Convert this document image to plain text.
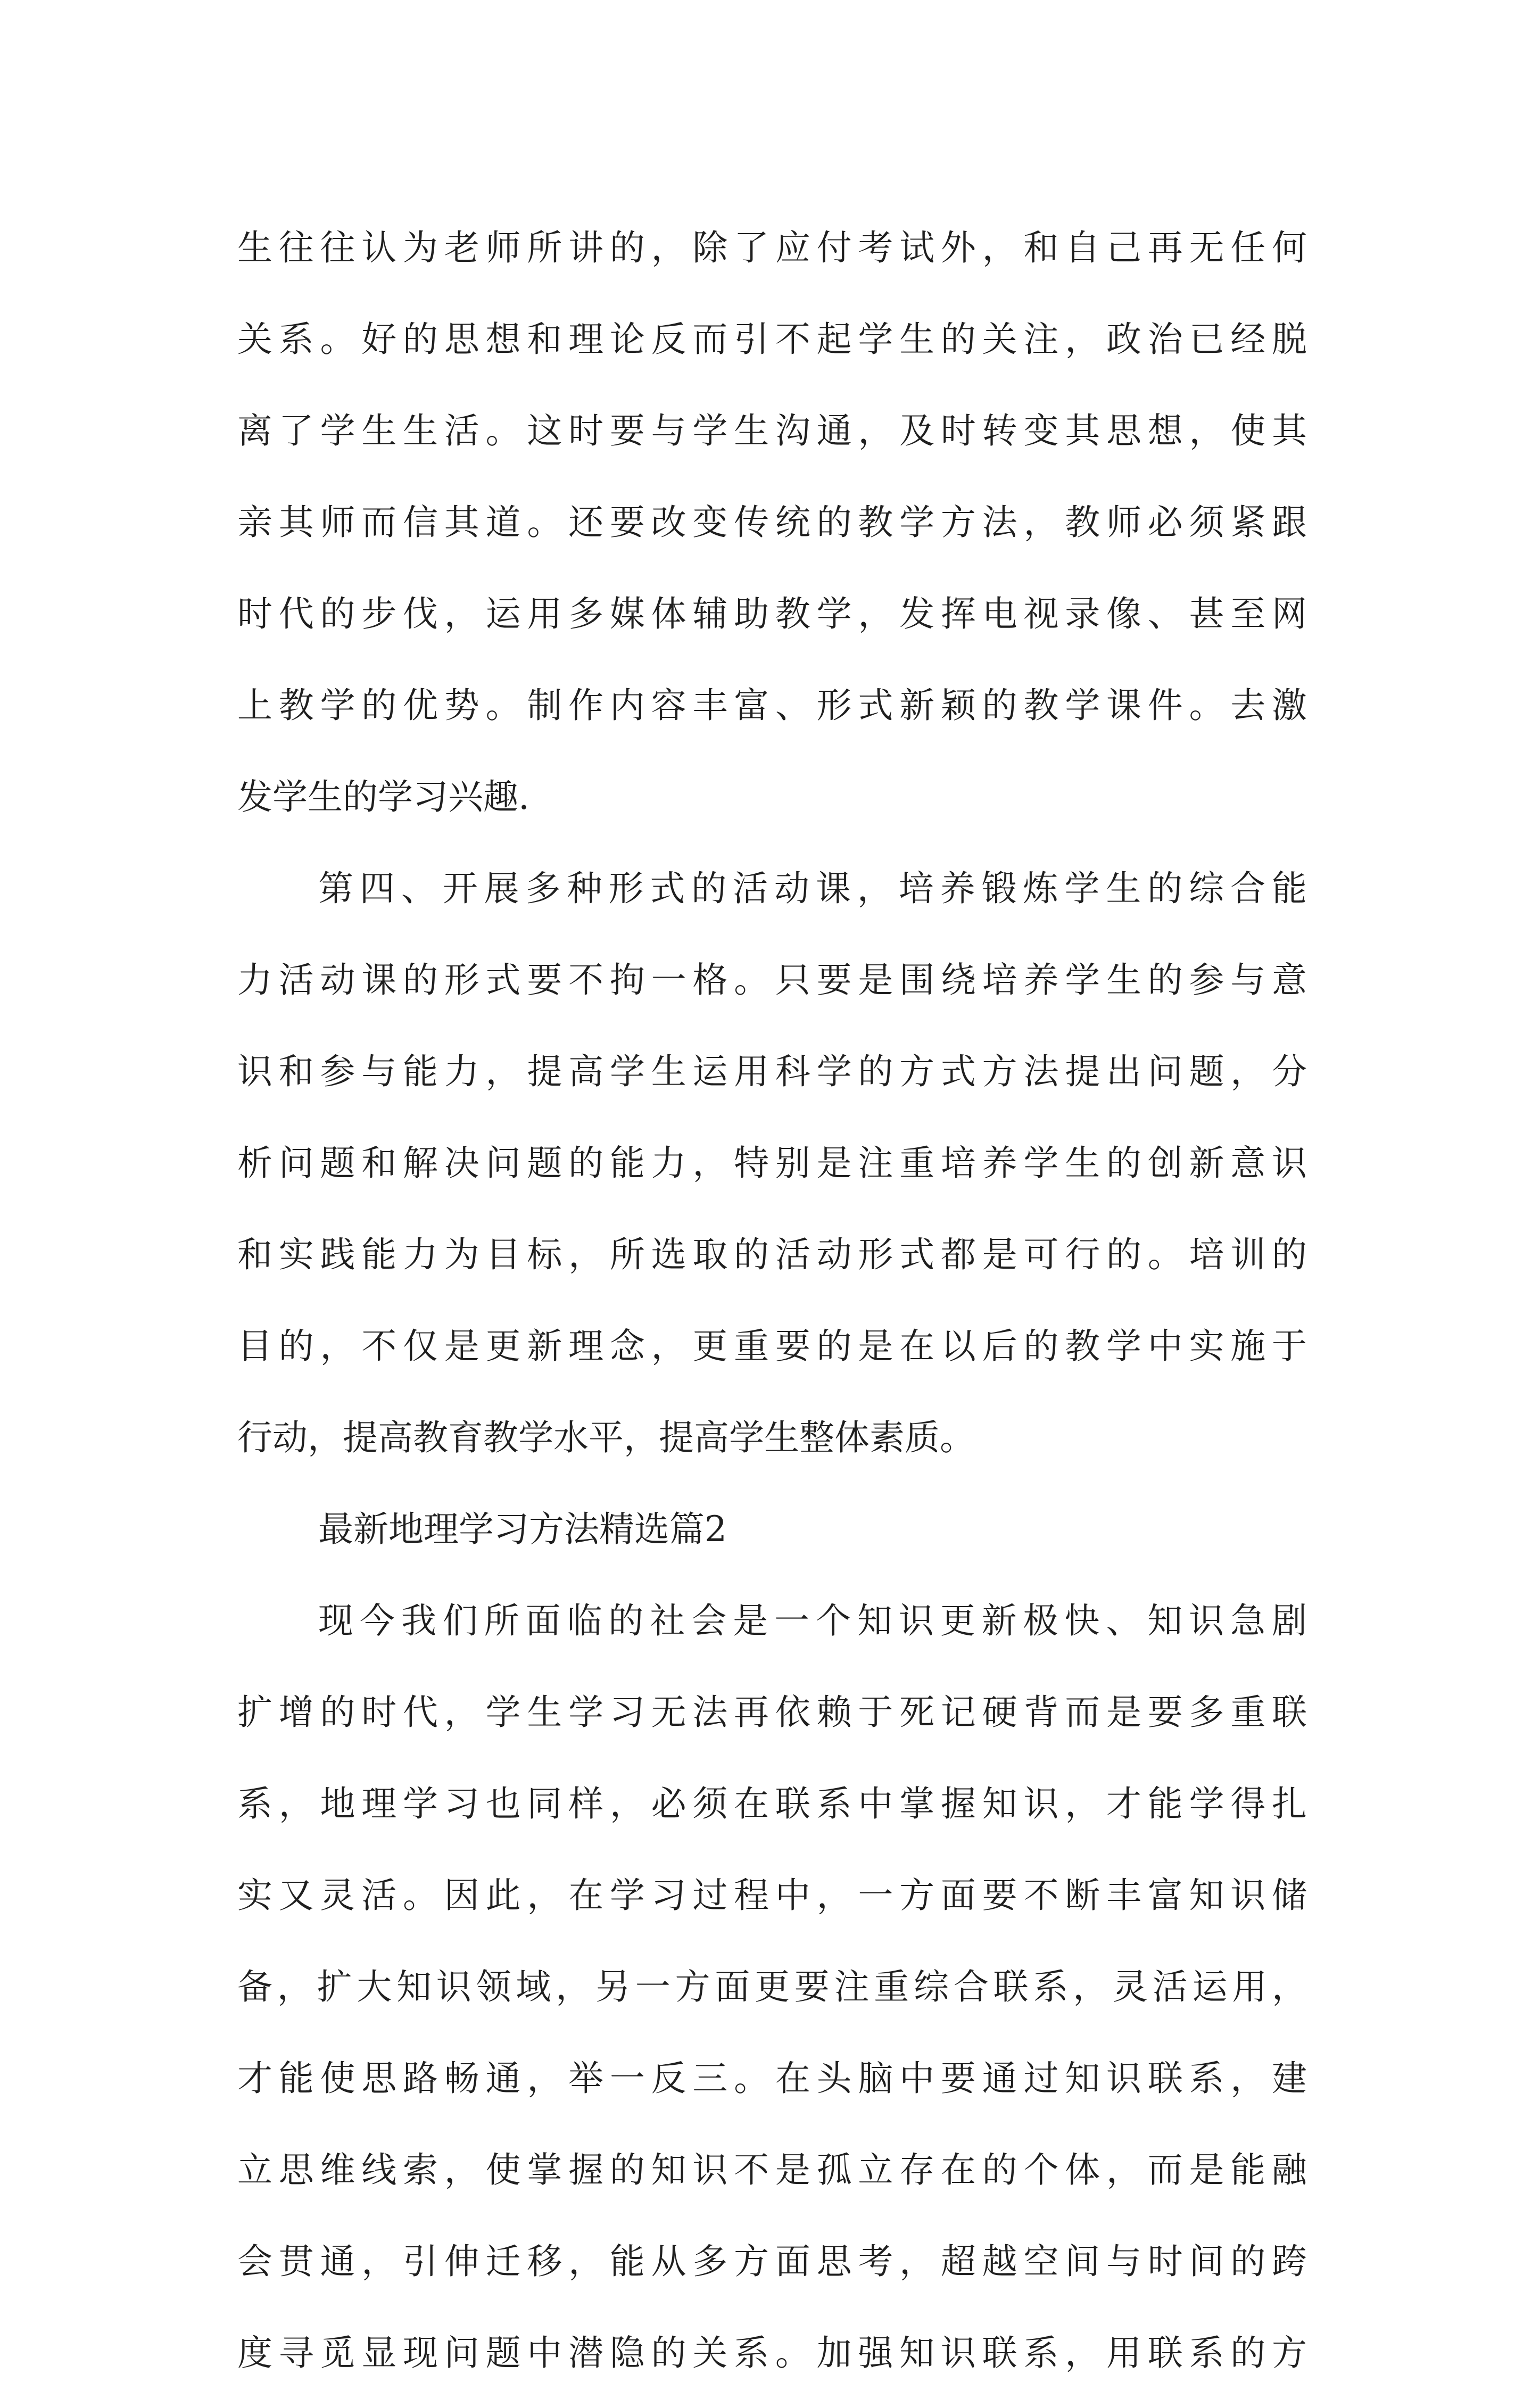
生往往认为老师所讲的，除了应付考试外，和自己再无任何
关系。好的思想和理论反而引不起学生的关注，政治已经脱
离了学生生活。这时要与学生沟通，及时转变其思想，使其
亲其师而信其道。还要改变传统的教学方法，教师必须紧跟
时代的步伐，运用多媒体辅助教学，发挥电视录像、甚至网
上教学的优势。制作内容丰富、形式新颖的教学课件。去激
发学生的学习兴趣.
第四、开展多种形式的活动课，培养锻炼学生的综合能
力活动课的形式要不拘一格。只要是围绕培养学生的参与意
识和参与能力，提高学生运用科学的方式方法提出问题，分
析问题和解决问题的能力，特别是注重培养学生的创新意识
和实践能力为目标，所选取的活动形式都是可行的。培训的
目的，不仅是更新理念，更重要的是在以后的教学中实施于
行动，提高教育教学水平，提高学生整体素质。
最新地理学习方法精选篇2
现今我们所面临的社会是一个知识更新极快、知识急剧
扩增的时代，学生学习无法再依赖于死记硬背而是要多重联
系，地理学习也同样，必须在联系中掌握知识，才能学得扎
实又灵活。因此，在学习过程中，一方面要不断丰富知识储
备，扩大知识领域，另一方面更要注重综合联系，灵活运用，
才能使思路畅通，举一反三。在头脑中要通过知识联系，建
立思维线索，使掌握的知识不是孤立存在的个体，而是能融
会贯通，引伸迁移，能从多方面思考，超越空间与时间的跨
度寻觅显现问题中潜隐的关系。加强知识联系，用联系的方
